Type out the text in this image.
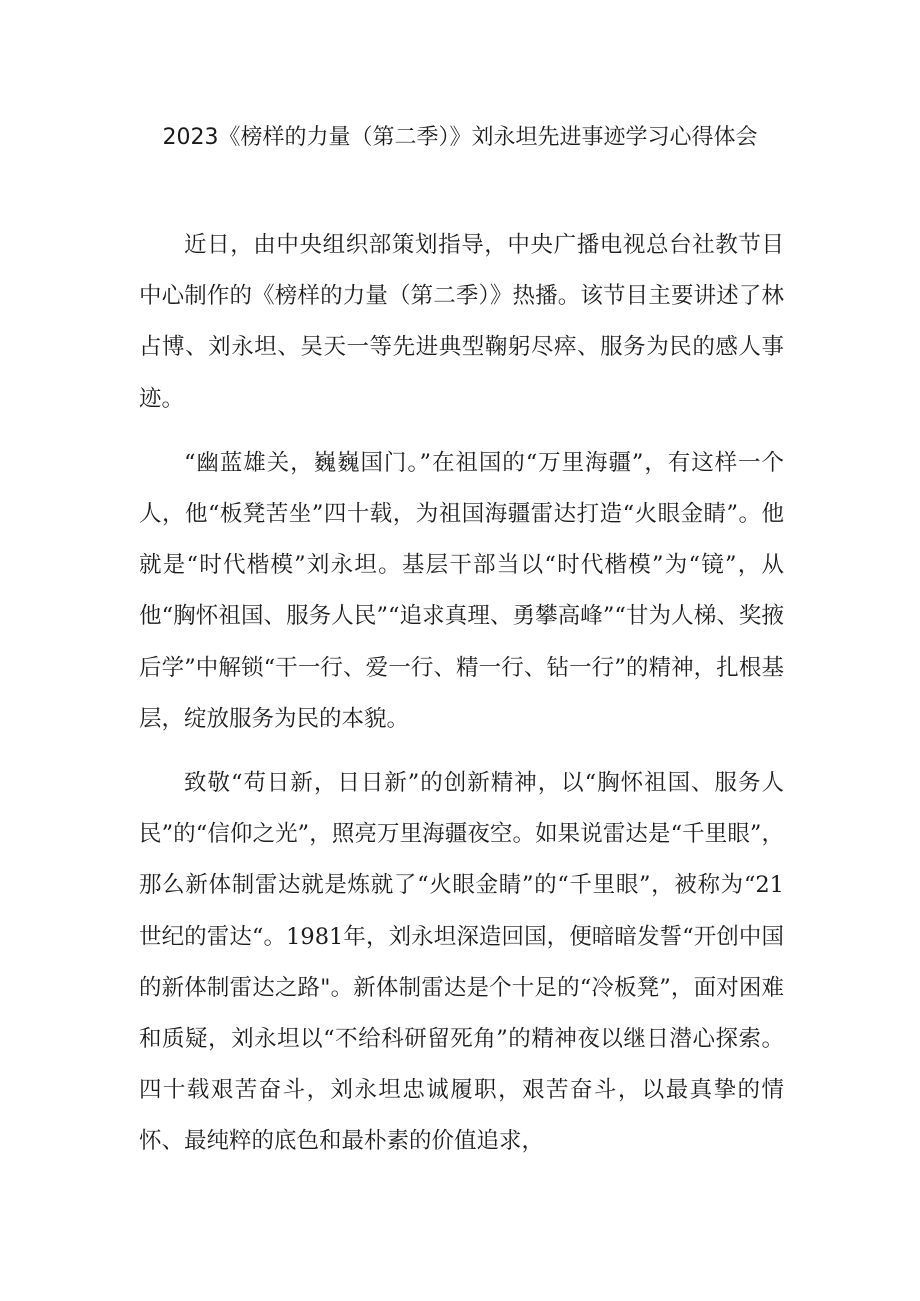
2023《榜样的力量（第二季）》刘永坦先进事迹学习心得体会

近日，由中央组织部策划指导，中央广播电视总台社教节目中心制作的《榜样的力量（第二季）》热播。该节目主要讲述了林占博、刘永坦、吴天一等先进典型鞠躬尽瘁、服务为民的感人事迹。

“幽蓝雄关，巍巍国门。”在祖国的“万里海疆”，有这样一个人，他“板凳苦坐”四十载，为祖国海疆雷达打造“火眼金睛”。他就是“时代楷模”刘永坦。基层干部当以“时代楷模”为“镜”，从他“胸怀祖国、服务人民”“追求真理、勇攀高峰”“甘为人梯、奖掖后学”中解锁“干一行、爱一行、精一行、钻一行”的精神，扎根基层，绽放服务为民的本貌。

致敬“苟日新，日日新”的创新精神，以“胸怀祖国、服务人民”的“信仰之光”，照亮万里海疆夜空。如果说雷达是“千里眼”，那么新体制雷达就是炼就了“火眼金睛”的“千里眼”，被称为“21世纪的雷达“。1981年，刘永坦深造回国，便暗暗发誓“开创中国的新体制雷达之路"。新体制雷达是个十足的“冷板凳”，面对困难和质疑，刘永坦以“不给科研留死角”的精神夜以继日潜心探索。四十载艰苦奋斗，刘永坦忠诚履职，艰苦奋斗，以最真挚的情怀、最纯粹的底色和最朴素的价值追求，
